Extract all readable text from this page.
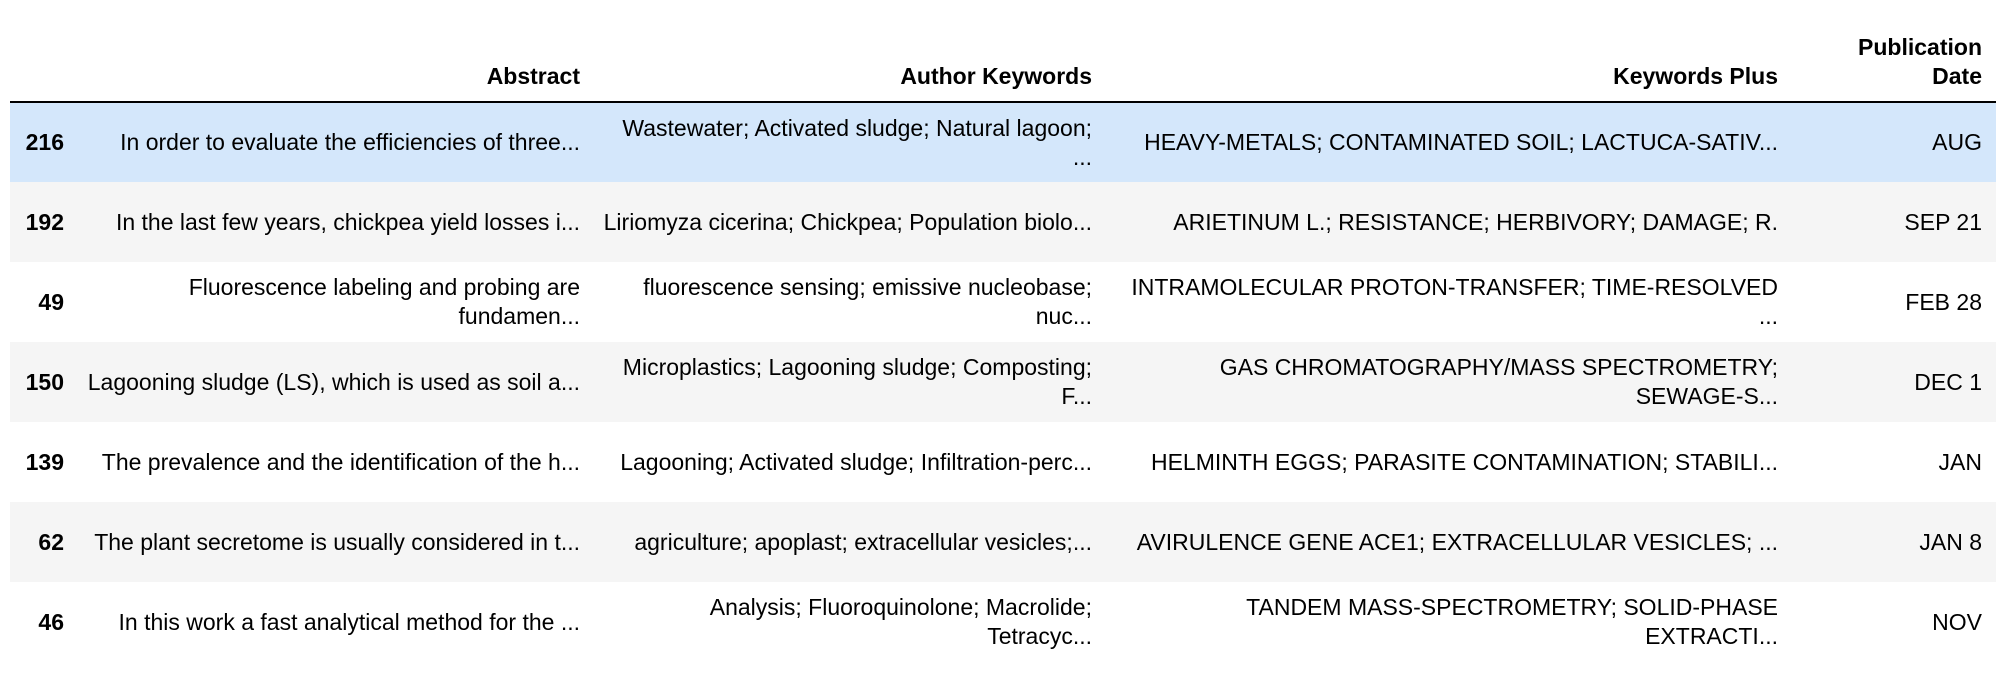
	Abstract	Author Keywords	Keywords Plus	Publication
Date
216	In order to evaluate the efficiencies of three...	Wastewater; Activated sludge; Natural lagoon; ...	HEAVY-METALS; CONTAMINATED SOIL; LACTUCA-SATIV...	AUG
192	In the last few years, chickpea yield losses i...	Liriomyza cicerina; Chickpea; Population biolo...	ARIETINUM L.; RESISTANCE; HERBIVORY; DAMAGE; R.	SEP 21
49	Fluorescence labeling and probing are fundamen...	fluorescence sensing; emissive nucleobase; nuc...	INTRAMOLECULAR PROTON-TRANSFER; TIME-RESOLVED ...	FEB 28
150	Lagooning sludge (LS), which is used as soil a...	Microplastics; Lagooning sludge; Composting; F...	GAS CHROMATOGRAPHY/MASS SPECTROMETRY; SEWAGE-S...	DEC 1
139	The prevalence and the identification of the h...	Lagooning; Activated sludge; Infiltration-perc...	HELMINTH EGGS; PARASITE CONTAMINATION; STABILI...	JAN
62	The plant secretome is usually considered in t...	agriculture; apoplast; extracellular vesicles;...	AVIRULENCE GENE ACE1; EXTRACELLULAR VESICLES; ...	JAN 8
46	In this work a fast analytical method for the ...	Analysis; Fluoroquinolone; Macrolide; Tetracyc...	TANDEM MASS-SPECTROMETRY; SOLID-PHASE EXTRACTI...	NOV
